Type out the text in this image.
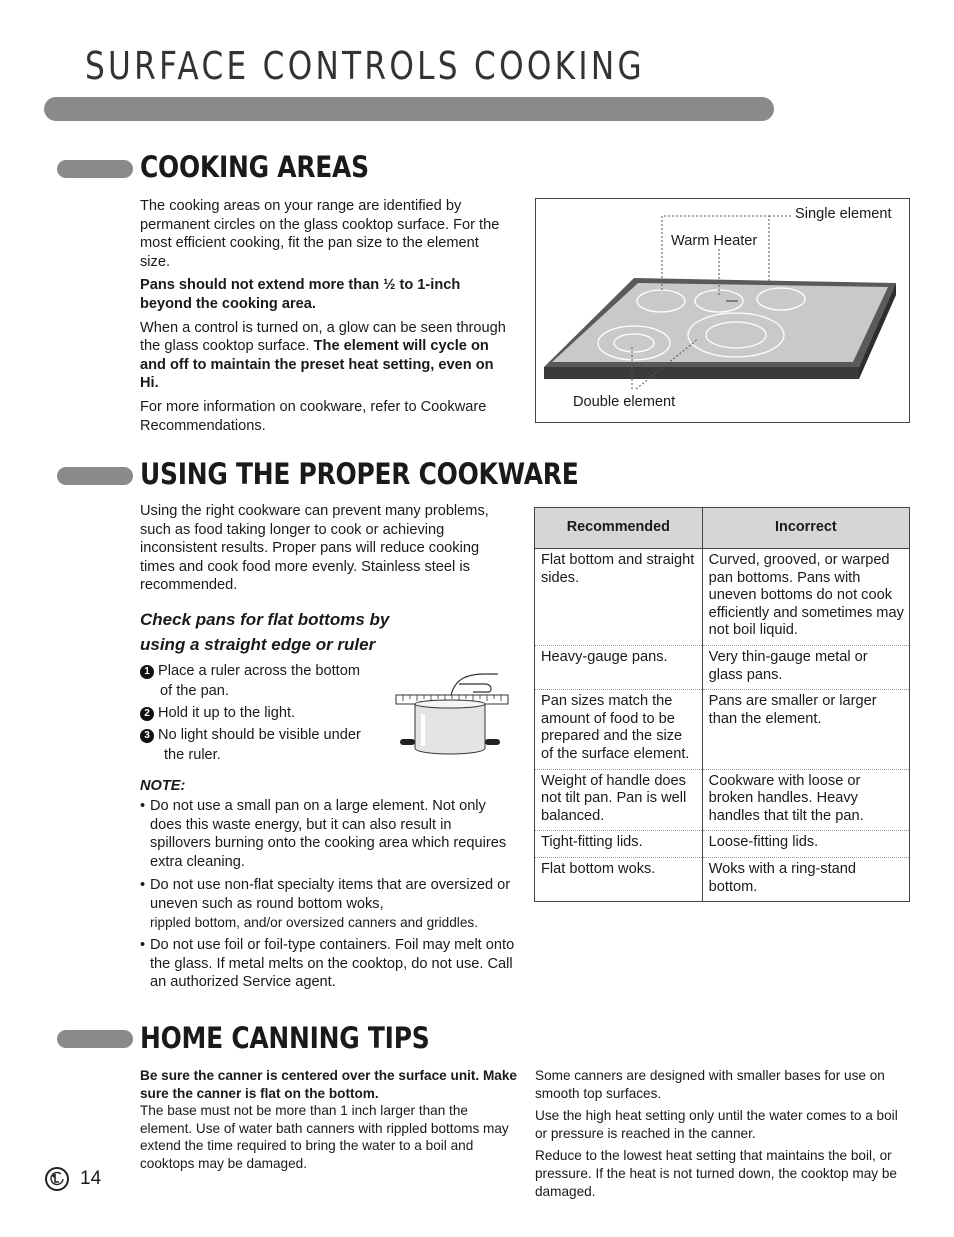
SURFACE CONTROLS COOKING
COOKING AREAS

The cooking areas on your range are identified by permanent circles on the glass cooktop surface. For the most efficient cooking, fit the pan size to the element size.

Pans should not extend more than ½ to 1-inch beyond the cooking area.

When a control is turned on, a glow can be seen through the glass cooktop surface. The element will cycle on and off to maintain the preset heat setting, even on Hi.

For more information on cookware, refer to Cookware Recommendations.

Single element
Warm Heater
Double element
USING THE PROPER COOKWARE
Using the right cookware can prevent many problems, such as food taking longer to cook or achieving inconsistent results. Proper pans will reduce cooking times and cook food more evenly. Stainless steel is recommended.
Check pans for flat bottoms by
using a straight edge or ruler
1 Place a ruler across the bottom
of the pan.
2 Hold it up to the light.
3 No light should be visible under
the ruler.
NOTE:
• Do not use a small pan on a large element. Not only does this waste energy, but it can also result in spillovers burning onto the cooking area which requires extra cleaning.
• Do not use non-flat specialty items that are oversized or uneven such as round bottom woks,
rippled bottom, and/or oversized canners and griddles.
• Do not use foil or foil-type containers. Foil may melt onto the glass. If metal melts on the cooktop, do not use. Call an authorized Service agent.
Recommended	Incorrect
Flat bottom and straight sides.	Curved, grooved, or warped pan bottoms. Pans with uneven bottoms do not cook efficiently and sometimes may not boil liquid.
Heavy-gauge pans.	Very thin-gauge metal or glass pans.
Pan sizes match the amount of food to be prepared and the size of the surface element.	Pans are smaller or larger than the element.
Weight of handle does not tilt pan. Pan is well balanced.	Cookware with loose or broken handles. Heavy handles that tilt the pan.
Tight-fitting lids.	Loose-fitting lids.
Flat bottom woks.	Woks with a ring-stand bottom.
HOME CANNING TIPS
Be sure the canner is centered over the surface unit. Make sure the canner is flat on the bottom.
The base must not be more than 1 inch larger than the element. Use of water bath canners with rippled bottoms may extend the time required to bring the water to a boil and cooktops may be damaged.
Some canners are designed with smaller bases for use on smooth top surfaces.
Use the high heat setting only until the water comes to a boil or pressure is reached in the canner.
Reduce to the lowest heat setting that maintains the boil, or pressure. If the heat is not turned down, the cooktop may be damaged.
14
